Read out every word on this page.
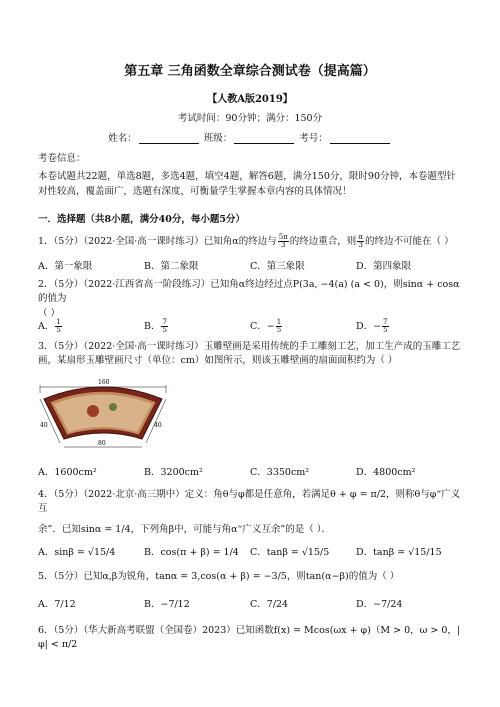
第五章 三角函数全章综合测试卷（提高篇）
【人教A版2019】
考试时间：90分钟；满分：150分
姓名：	班级：	考号：
考卷信息：
本卷试题共22题，单选8题，多选4题，填空4题，解答6题，满分150分，限时90分钟，本卷题型针对性较高，覆盖面广，选题有深度，可衡量学生掌握本章内容的具体情况！
一．选择题（共8小题，满分40分，每小题5分）
1．（5分）（2022·全国·高一课时练习）已知角α的终边与 $\frac{5\pi}{3}$ 的终边重合，则 $\frac{\alpha}{3}$ 的终边不可能在（ ）
A．第一象限	B．第二象限	C．第三象限	D．第四象限
2．（5分）（2022·江西省高一阶段练习）已知角α终边经过点P(3a, −4(a) (a < 0)，则sinα + cosα的值为
（ ）
A． $\frac{1}{5}$	B． $\frac{7}{5}$	C．− $\frac{1}{5}$	D．− $\frac{7}{5}$
3．（5分）（2022·全国·高一课时练习）玉雕壁画是采用传统的手工雕刻工艺，加工生产成的玉雕工艺
画，某扇形玉雕壁画尺寸（单位：cm）如图所示，则该玉雕壁画的扇面面积约为（ ）
160
40	40
80
A．1600cm²	B．3200cm²	C．3350cm²	D．4800cm²
4．（5分）（2022·北京·高三期中）定义：角θ与φ都是任意角，若满足θ + φ = π/2，则称θ与φ“广义互
余”．已知sinα = 1/4，下列角β中，可能与角α“广义互余”的是（ ）．
A．sinβ = √15/4	B．cos(π + β) = 1/4	C．tanβ = √15/5	D．tanβ = √15/15
5．（5分）已知α,β为锐角，tanα = 3,cos(α + β) = −3/5，则tan(α−β)的值为（ ）
A．7/12	B．−7/12	C．7/24	D．−7/24
6．（5分）（华大新高考联盟（全国卷）2023）已知函数f(x) = Mcos(ωx + φ)（M > 0，ω > 0，|φ| < π/2
